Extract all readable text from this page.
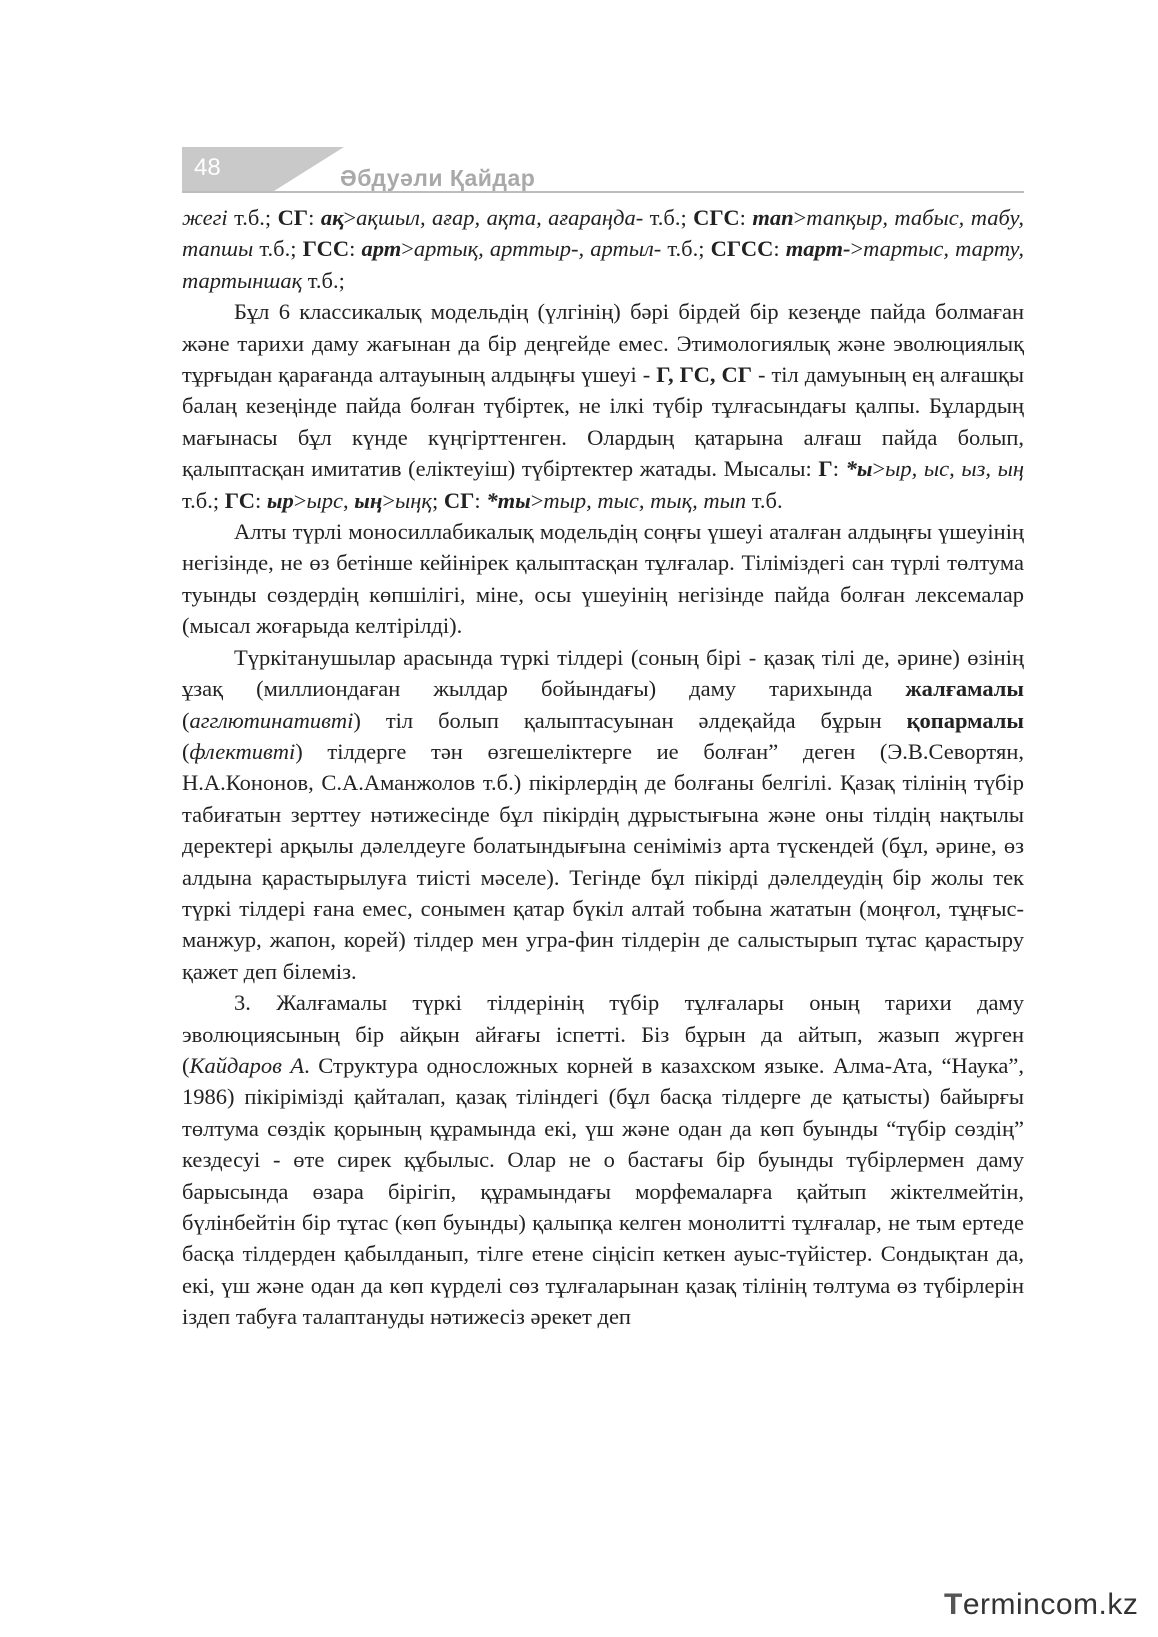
48	Әбдуәли Қайдар

жегі т.б.; СГ: ақ>ақшыл, ағар, ақта, ағараңда- т.б.; СГС: тап>тапқыр, табыс, табу, тапшы т.б.; ГСС: арт>артық, арттыр-, артыл- т.б.; СГСС: тарт->тартыс, тарту, тартыншақ т.б.;

Бұл 6 классикалық модельдің (үлгінің) бәрі бірдей бір кезеңде пайда болмаған және тарихи даму жағынан да бір деңгейде емес. Этимологиялық және эволюциялық тұрғыдан қарағанда алтауының алдыңғы үшеуі - Г, ГС, СГ - тіл дамуының ең алғашқы балаң кезеңінде пайда болған түбіртек, не ілкі түбір тұлғасындағы қалпы. Бұлардың мағынасы бұл күнде күңгірттенген. Олардың қатарына алғаш пайда болып, қалыптасқан имитатив (еліктеуіш) түбіртектер жатады. Мысалы: Г: *ы>ыр, ыс, ыз, ың т.б.; ГС: ыр>ырс, ың>ыңқ; СГ: *ты>тыр, тыс, тық, тып т.б.

Алты түрлі моносиллабикалық модельдің соңғы үшеуі аталған алдыңғы үшеуінің негізінде, не өз бетінше кейінірек қалыптасқан тұлғалар. Тіліміздегі сан түрлі төлтума туынды сөздердің көпшілігі, міне, осы үшеуінің негізінде пайда болған лексемалар (мысал жоғарыда келтірілді).

Түркітанушылар арасында түркі тілдері (соның бірі - қазақ тілі де, әрине) өзінің ұзақ (миллиондаған жылдар бойындағы) даму тарихында жалғамалы (агглютинативті) тіл болып қалыптасуынан әлдеқайда бұрын қопармалы (флективті) тілдерге тән өзгешеліктерге ие болған” деген (Э.В.Севортян, Н.А.Кононов, С.А.Аманжолов т.б.) пікірлердің де болғаны белгілі. Қазақ тілінің түбір табиғатын зерттеу нәтижесінде бұл пікірдің дұрыстығына және оны тілдің нақтылы деректері арқылы дәлелдеуге болатындығына сеніміміз арта түскендей (бұл, әрине, өз алдына қарастырылуға тиісті мәселе). Тегінде бұл пікірді дәлелдеудің бір жолы тек түркі тілдері ғана емес, сонымен қатар бүкіл алтай тобына жататын (моңғол, тұңғыс-манжур, жапон, корей) тілдер мен угра-фин тілдерін де салыстырып тұтас қарастыру қажет деп білеміз.

3. Жалғамалы түркі тілдерінің түбір тұлғалары оның тарихи даму эволюциясының бір айқын айғағы іспетті. Біз бұрын да айтып, жазып жүрген (Кайдаров А. Структура односложных корней в казахском языке. Алма-Ата, “Наука”, 1986) пікірімізді қайталап, қазақ тіліндегі (бұл басқа тілдерге де қатысты) байырғы төлтума сөздік қорының құрамында екі, үш және одан да көп буынды “түбір сөздің” кездесуі - өте сирек құбылыс. Олар не о бастағы бір буынды түбірлермен даму барысында өзара бірігіп, құрамындағы морфемаларға қайтып жіктелмейтін, бүлінбейтін бір тұтас (көп буынды) қалыпқа келген монолитті тұлғалар, не тым ертеде басқа тілдерден қабылданып, тілге етене сіңісіп кеткен ауыс-түйістер. Сондықтан да, екі, үш және одан да көп күрделі сөз тұлғаларынан қазақ тілінің төлтума өз түбірлерін іздеп табуға талаптануды нәтижесіз әрекет деп

Termincom.kz
